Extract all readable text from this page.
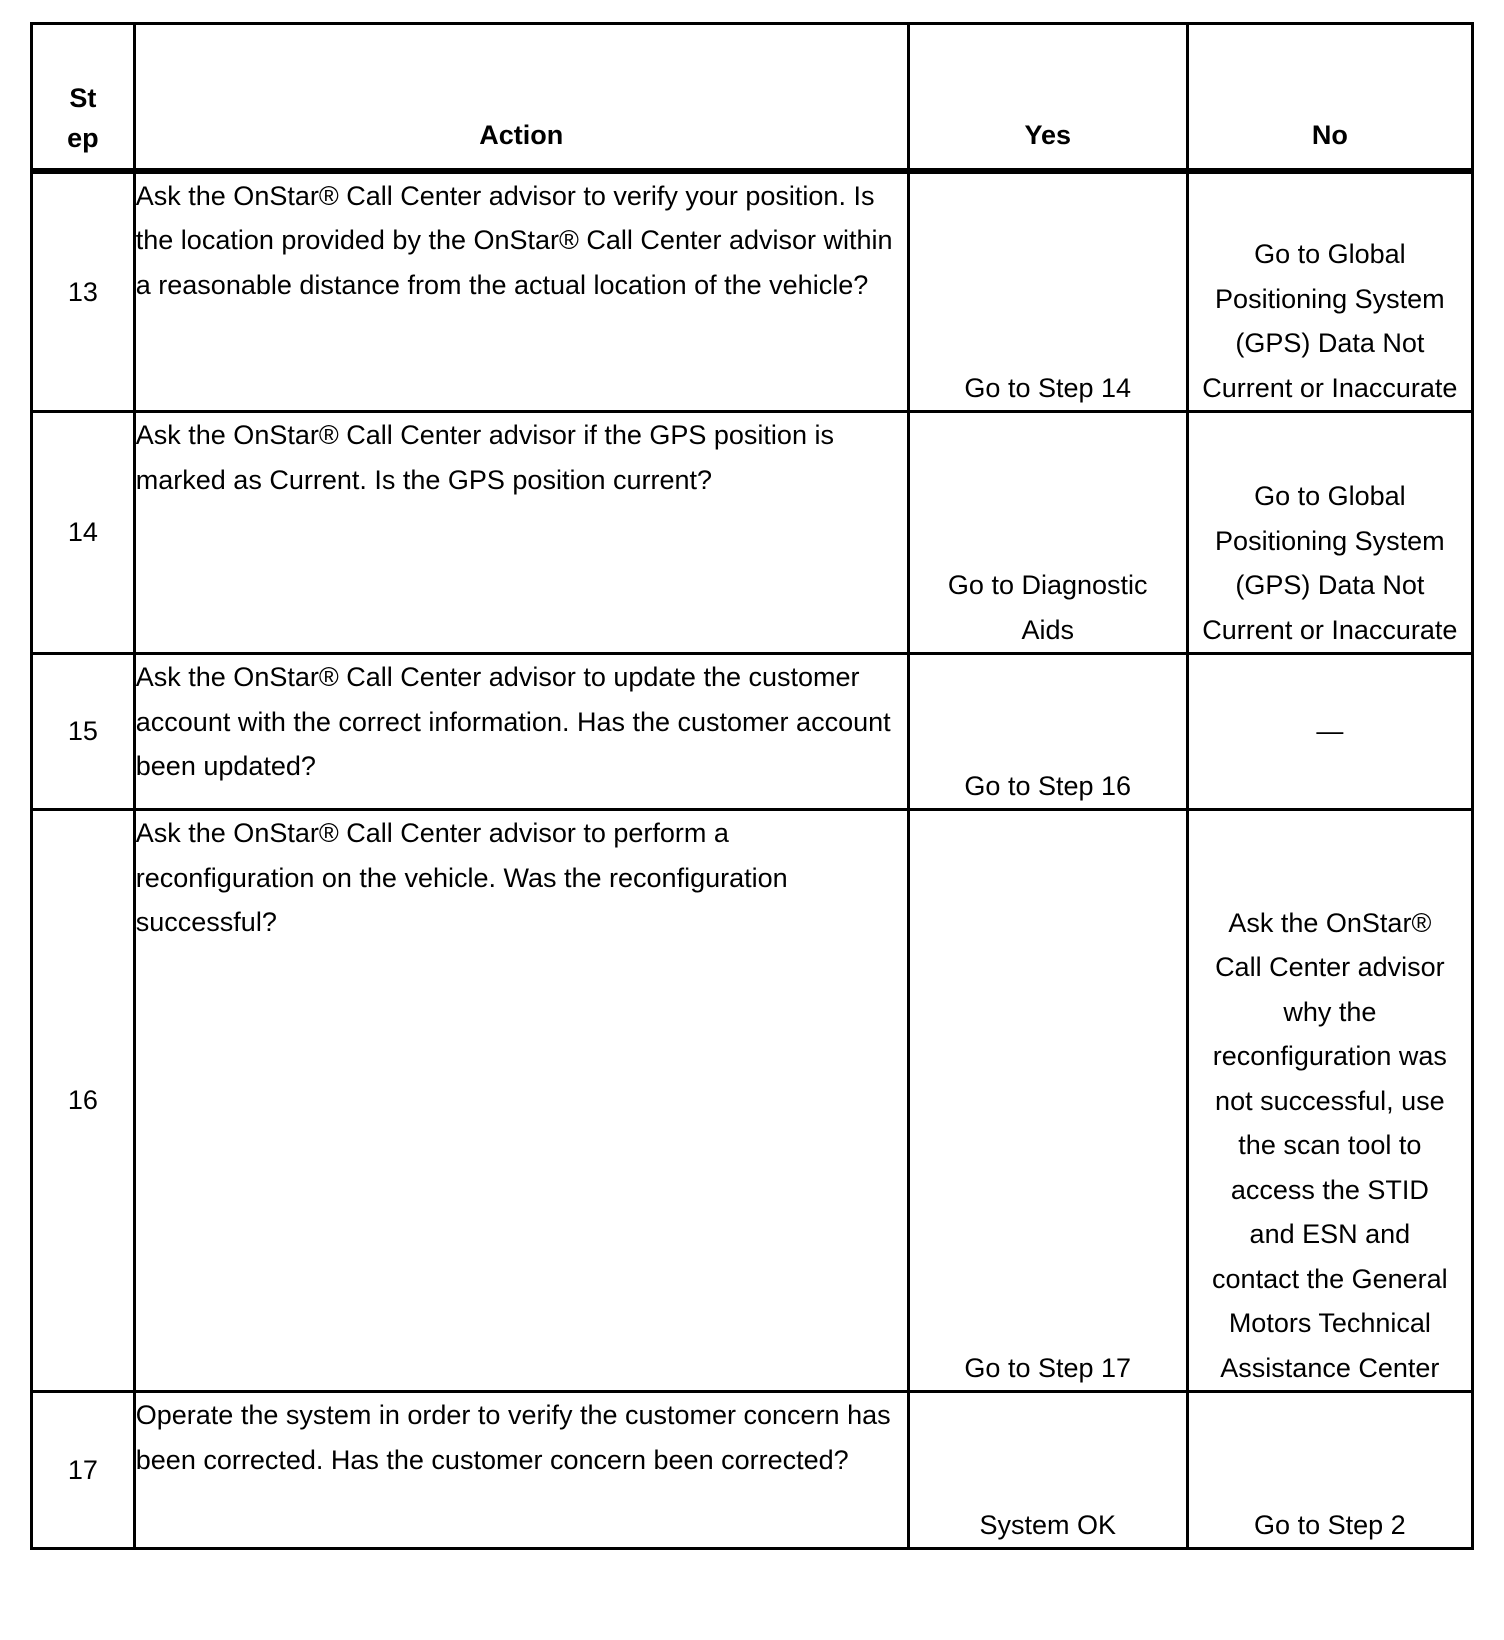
St
ep	Action	Yes	No
13	Ask the OnStar® Call Center advisor to verify your position. Is the location provided by the OnStar® Call Center advisor within a reasonable distance from the actual location of the vehicle?	Go to Step 14	Go to Global Positioning System (GPS) Data Not Current or Inaccurate

14	Ask the OnStar® Call Center advisor if the GPS position is marked as Current. Is the GPS position current?	Go to Diagnostic Aids	Go to Global Positioning System (GPS) Data Not Current or Inaccurate

15	Ask the OnStar® Call Center advisor to update the customer account with the correct information. Has the customer account been updated?	Go to Step 16	—
16	Ask the OnStar® Call Center advisor to perform a reconfiguration on the vehicle. Was the reconfiguration successful?	Go to Step 17	Ask the OnStar® Call Center advisor why the reconfiguration was not successful, use the scan tool to access the STID and ESN and contact the General Motors Technical Assistance Center

17	Operate the system in order to verify the customer concern has been corrected. Has the customer concern been corrected?	System OK	Go to Step 2
